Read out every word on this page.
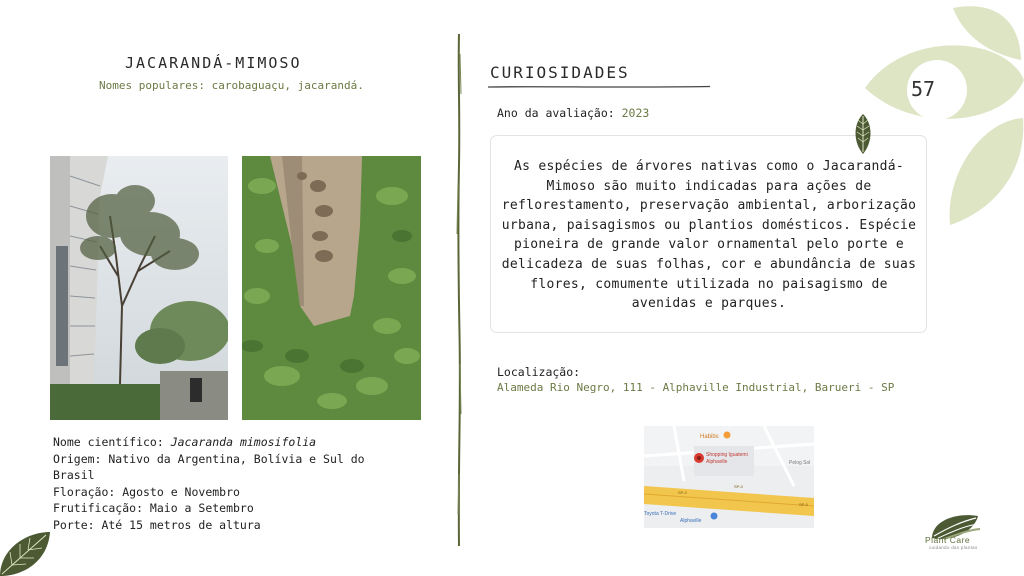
JACARANDÁ-MIMOSO
Nomes populares: carobaguaçu, jacarandá.

Nome científico: Jacaranda mimosifolia

Origem: Nativo da Argentina, Bolívia e Sul do Brasil

Floração: Agosto e Novembro

Frutificação: Maio a Setembro

Porte: Até 15 metros de altura

CURIOSIDADES
Ano da avaliação: 2023
As espécies de árvores nativas como o Jacarandá-Mimoso são muito indicadas para ações de reflorestamento, preservação ambiental, arborização urbana, paisagismos ou plantios domésticos. Espécie pioneira de grande valor ornamental pelo porte e delicadeza de suas folhas, cor e abundância de suas flores, comumente utilizada no paisagismo de avenidas e parques.
Localização:
Alameda Rio Negro, 111 - Alphaville Industrial, Barueri - SP
Habibs
Shopping Iguatemi
Alphaville	Pelog Sol
Toyota T-Drive
Alphaville
SP-0
SP-0
SP-0
57
Plant Care
cuidando das plantas
